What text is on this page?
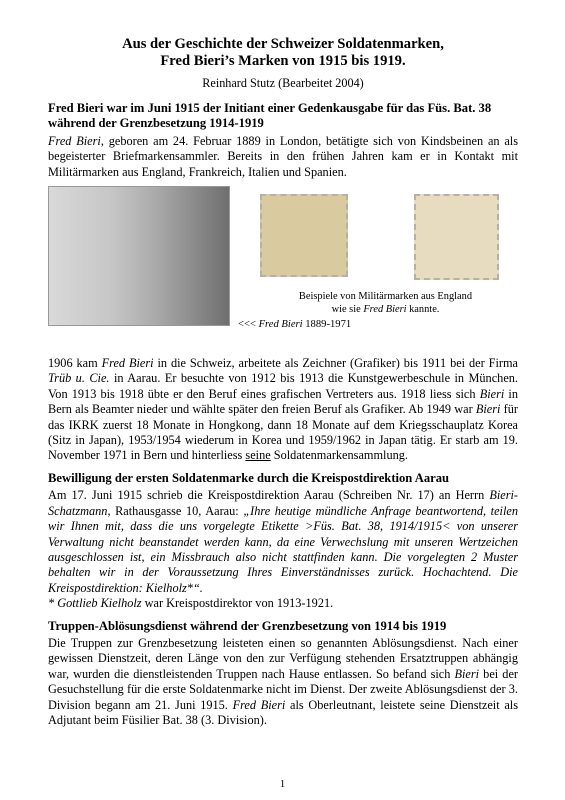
Aus der Geschichte der Schweizer Soldatenmarken,
Fred Bieri’s Marken von 1915 bis 1919.
Reinhard Stutz (Bearbeitet 2004)
Fred Bieri war im Juni 1915 der Initiant einer Gedenkausgabe für das Füs. Bat. 38 während der Grenzbesetzung 1914-1919

Fred Bieri, geboren am 24. Februar 1889 in London, betätigte sich von Kindsbeinen an als begeisterter Briefmarkensammler. Bereits in den frühen Jahren kam er in Kontakt mit Militärmarken aus England, Frankreich, Italien und Spanien.

Beispiele von Militärmarken aus England
wie sie Fred Bieri kannte.
<<< Fred Bieri 1889-1971

1906 kam Fred Bieri in die Schweiz, arbeitete als Zeichner (Grafiker) bis 1911 bei der Firma Trüb u. Cie. in Aarau. Er besuchte von 1912 bis 1913 die Kunstgewerbeschule in München. Von 1913 bis 1918 übte er den Beruf eines grafischen Vertreters aus. 1918 liess sich Bieri in Bern als Beamter nieder und wählte später den freien Beruf als Grafiker. Ab 1949 war Bieri für das IKRK zuerst 18 Monate in Hongkong, dann 18 Monate auf dem Kriegsschauplatz Korea (Sitz in Japan), 1953/1954 wiederum in Korea und 1959/1962 in Japan tätig. Er starb am 19. November 1971 in Bern und hinterliess seine Soldatenmarkensammlung.

Bewilligung der ersten Soldatenmarke durch die Kreispostdirektion Aarau

Am 17. Juni 1915 schrieb die Kreispostdirektion Aarau (Schreiben Nr. 17) an Herrn Bieri-Schatzmann, Rathausgasse 10, Aarau: „Ihre heutige mündliche Anfrage beantwortend, teilen wir Ihnen mit, dass die uns vorgelegte Etikette >Füs. Bat. 38, 1914/1915< von unserer Verwaltung nicht beanstandet werden kann, da eine Verwechslung mit unseren Wertzeichen ausgeschlossen ist, ein Missbrauch also nicht stattfinden kann. Die vorgelegten 2 Muster behalten wir in der Voraussetzung Ihres Einverständnisses zurück. Hochachtend. Die Kreispostdirektion: Kielholz*“.
* Gottlieb Kielholz war Kreispostdirektor von 1913-1921.

Truppen-Ablösungsdienst während der Grenzbesetzung von 1914 bis 1919

Die Truppen zur Grenzbesetzung leisteten einen so genannten Ablösungsdienst. Nach einer gewissen Dienstzeit, deren Länge von den zur Verfügung stehenden Ersatztruppen abhängig war, wurden die dienstleistenden Truppen nach Hause entlassen. So befand sich Bieri bei der Gesuchstellung für die erste Soldatenmarke nicht im Dienst. Der zweite Ablösungsdienst der 3. Division begann am 21. Juni 1915. Fred Bieri als Oberleutnant, leistete seine Dienstzeit als Adjutant beim Füsilier Bat. 38 (3. Division).

1
